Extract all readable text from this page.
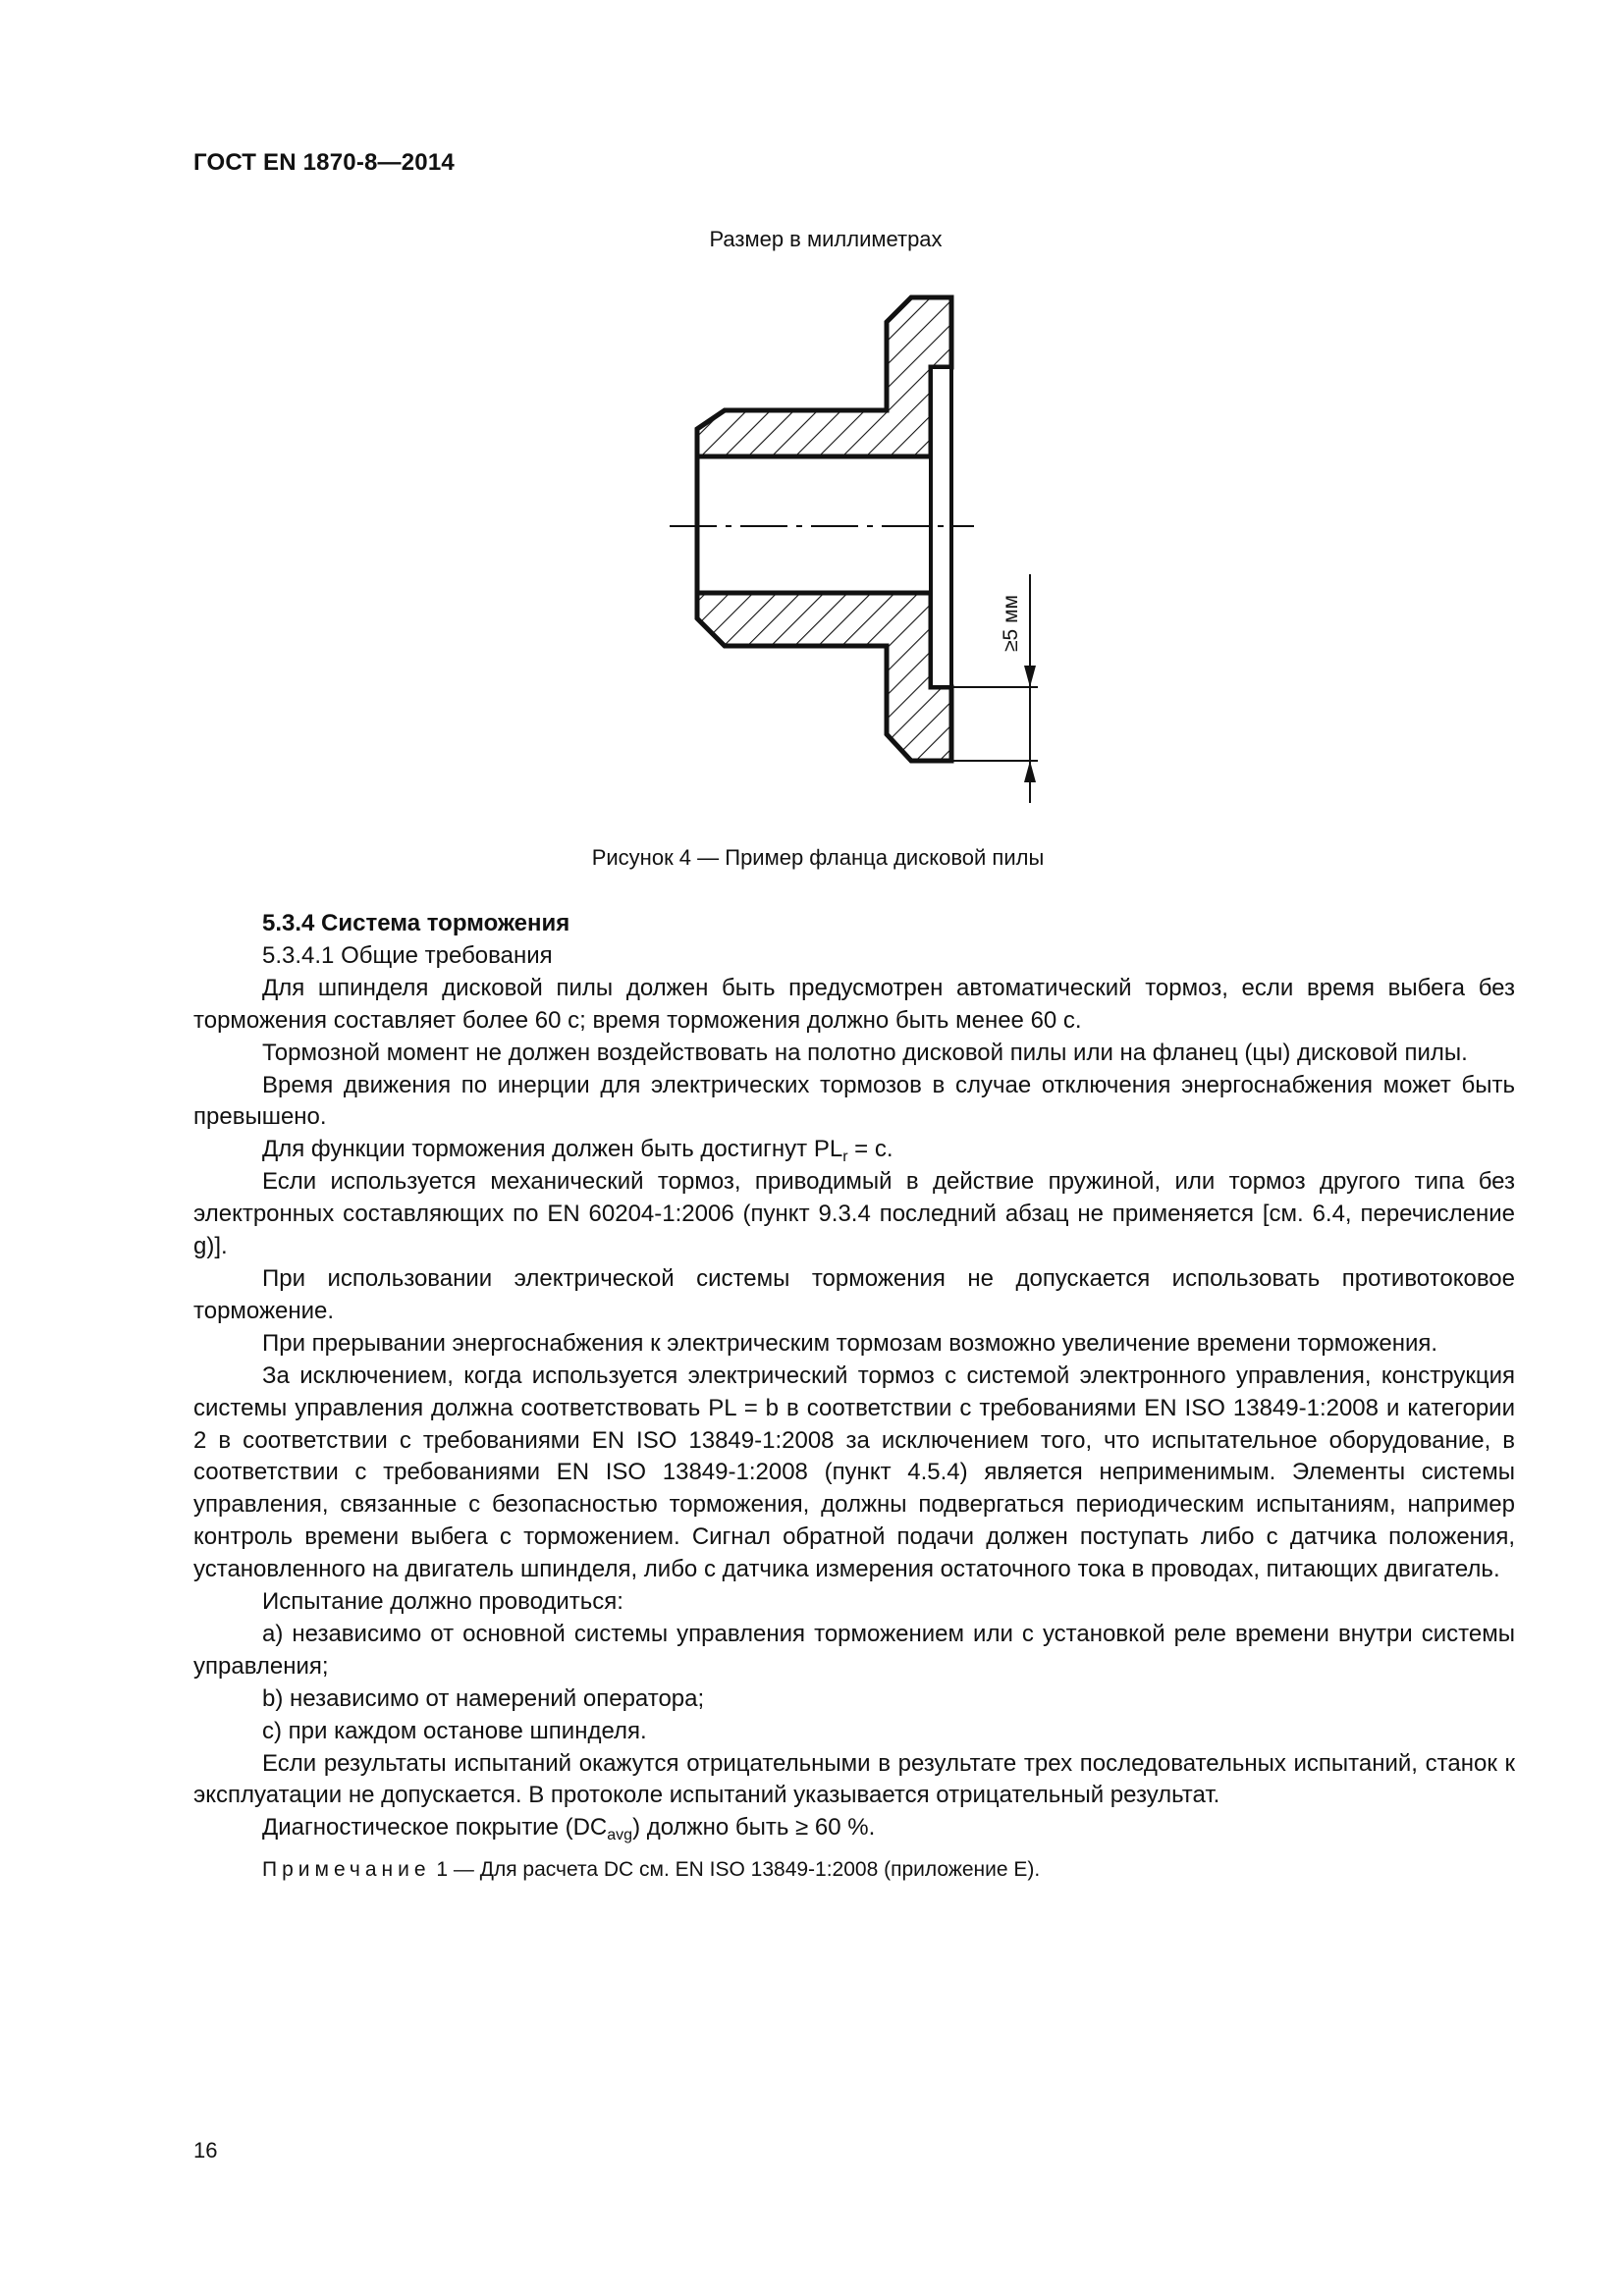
ГОСТ EN 1870-8—2014
Размер в миллиметрах
≥5 мм
Рисунок 4 — Пример фланца дисковой пилы

5.3.4 Система торможения

5.3.4.1 Общие требования

Для шпинделя дисковой пилы должен быть предусмотрен автоматический тормоз, если время выбега без торможения составляет более 60 с; время торможения должно быть менее 60 с.

Тормозной момент не должен воздействовать на полотно дисковой пилы или на фланец (цы) дисковой пилы.

Время движения по инерции для электрических тормозов в случае отключения энергоснабжения может быть превышено.

Для функции торможения должен быть достигнут $PL_r = с$.

Если используется механический тормоз, приводимый в действие пружиной, или тормоз другого типа без электронных составляющих по EN 60204-1:2006 (пункт 9.3.4 последний абзац не применяется [см. 6.4, перечисление g)].

При использовании электрической системы торможения не допускается использовать противотоковое торможение.

При прерывании энергоснабжения к электрическим тормозам возможно увеличение времени торможения.

За исключением, когда используется электрический тормоз с системой электронного управления, конструкция системы управления должна соответствовать PL = b в соответствии с требованиями EN ISO 13849-1:2008 и категории 2 в соответствии с требованиями EN ISO 13849-1:2008 за исключением того, что испытательное оборудование, в соответствии с требованиями EN ISO 13849-1:2008 (пункт 4.5.4) является неприменимым. Элементы системы управления, связанные с безопасностью торможения, должны подвергаться периодическим испытаниям, например контроль времени выбега с торможением. Сигнал обратной подачи должен поступать либо с датчика положения, установленного на двигатель шпинделя, либо с датчика измерения остаточного тока в проводах, питающих двигатель.

Испытание должно проводиться:

a) независимо от основной системы управления торможением или с установкой реле времени внутри системы управления;

b) независимо от намерений оператора;

c) при каждом останове шпинделя.

Если результаты испытаний окажутся отрицательными в результате трех последовательных испытаний, станок к эксплуатации не допускается. В протоколе испытаний указывается отрицательный результат.

Диагностическое покрытие $(DC_{avg})$ должно быть ≥ 60 %.

Примечание 1 — Для расчета DC см. EN ISO 13849-1:2008 (приложение Е).

16
